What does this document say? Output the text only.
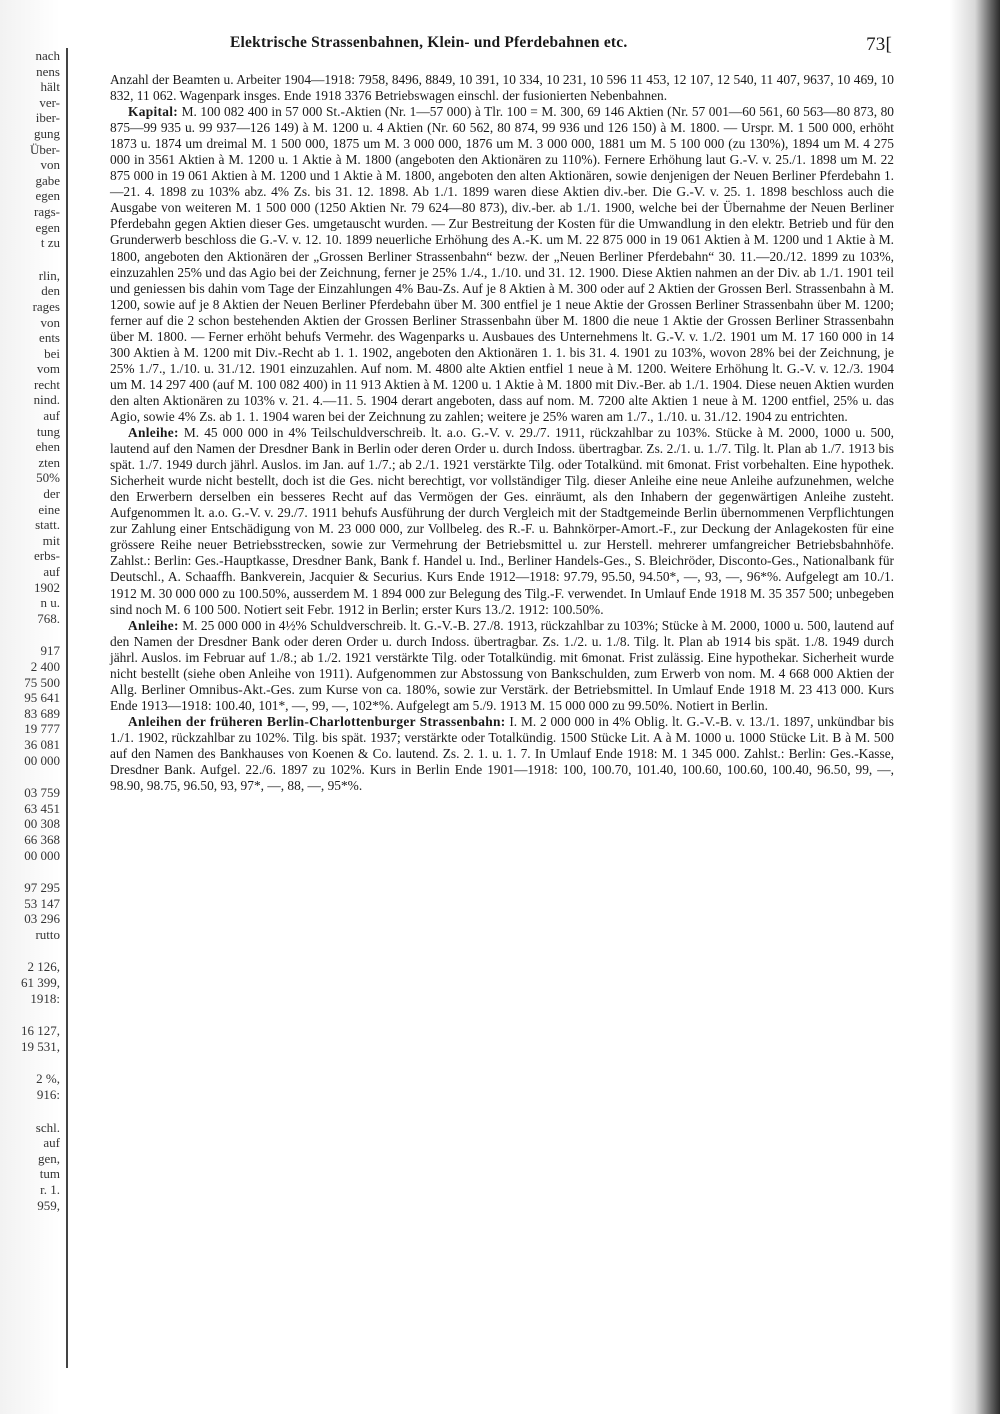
nach
nens
hält
ver-
iber-
gung
Über-
von
gabe
egen
rags-
egen
t zu
rlin,
den
rages
von
ents
bei
vom
recht
nind.
auf
tung
ehen
zten
50%
der
eine
statt.
mit
erbs-
auf
1902
n u.
768.
917
2 400
75 500
95 641
83 689
19 777
36 081
00 000
03 759
63 451
00 308
66 368
00 000
97 295
53 147
03 296
rutto
2 126,
61 399,
1918:
16 127,
19 531,
2 %,
916:
schl.
auf
gen,
tum
r. 1.
959,
Elektrische Strassenbahnen, Klein- und Pferdebahnen etc.	73[

Anzahl der Beamten u. Arbeiter 1904—1918: 7958, 8496, 8849, 10 391, 10 334, 10 231, 10 596 11 453, 12 107, 12 540, 11 407, 9637, 10 469, 10 832, 11 062. Wagenpark insges. Ende 1918 3376 Betriebswagen einschl. der fusionierten Nebenbahnen.

Kapital: M. 100 082 400 in 57 000 St.-Aktien (Nr. 1—57 000) à Tlr. 100 = M. 300, 69 146 Aktien (Nr. 57 001—60 561, 60 563—80 873, 80 875—99 935 u. 99 937—126 149) à M. 1200 u. 4 Aktien (Nr. 60 562, 80 874, 99 936 und 126 150) à M. 1800. — Urspr. M. 1 500 000, erhöht 1873 u. 1874 um dreimal M. 1 500 000, 1875 um M. 3 000 000, 1876 um M. 3 000 000, 1881 um M. 5 100 000 (zu 130%), 1894 um M. 4 275 000 in 3561 Aktien à M. 1200 u. 1 Aktie à M. 1800 (angeboten den Aktionären zu 110%). Fernere Erhöhung laut G.-V. v. 25./1. 1898 um M. 22 875 000 in 19 061 Aktien à M. 1200 und 1 Aktie à M. 1800, angeboten den alten Aktionären, sowie denjenigen der Neuen Berliner Pferdebahn 1.—21. 4. 1898 zu 103% abz. 4% Zs. bis 31. 12. 1898. Ab 1./1. 1899 waren diese Aktien div.-ber. Die G.-V. v. 25. 1. 1898 beschloss auch die Ausgabe von weiteren M. 1 500 000 (1250 Aktien Nr. 79 624—80 873), div.-ber. ab 1./1. 1900, welche bei der Übernahme der Neuen Berliner Pferdebahn gegen Aktien dieser Ges. umgetauscht wurden. — Zur Bestreitung der Kosten für die Umwandlung in den elektr. Betrieb und für den Grunderwerb beschloss die G.-V. v. 12. 10. 1899 neuerliche Erhöhung des A.-K. um M. 22 875 000 in 19 061 Aktien à M. 1200 und 1 Aktie à M. 1800, angeboten den Aktionären der „Grossen Berliner Strassenbahn“ bezw. der „Neuen Berliner Pferdebahn“ 30. 11.—20./12. 1899 zu 103%, einzuzahlen 25% und das Agio bei der Zeichnung, ferner je 25% 1./4., 1./10. und 31. 12. 1900. Diese Aktien nahmen an der Div. ab 1./1. 1901 teil und geniessen bis dahin vom Tage der Einzahlungen 4% Bau-Zs. Auf je 8 Aktien à M. 300 oder auf 2 Aktien der Grossen Berl. Strassenbahn à M. 1200, sowie auf je 8 Aktien der Neuen Berliner Pferdebahn über M. 300 entfiel je 1 neue Aktie der Grossen Berliner Strassenbahn über M. 1200; ferner auf die 2 schon bestehenden Aktien der Grossen Berliner Strassenbahn über M. 1800 die neue 1 Aktie der Grossen Berliner Strassenbahn über M. 1800. — Ferner erhöht behufs Vermehr. des Wagenparks u. Ausbaues des Unternehmens lt. G.-V. v. 1./2. 1901 um M. 17 160 000 in 14 300 Aktien à M. 1200 mit Div.-Recht ab 1. 1. 1902, angeboten den Aktionären 1. 1. bis 31. 4. 1901 zu 103%, wovon 28% bei der Zeichnung, je 25% 1./7., 1./10. u. 31./12. 1901 einzuzahlen. Auf nom. M. 4800 alte Aktien entfiel 1 neue à M. 1200. Weitere Erhöhung lt. G.-V. v. 12./3. 1904 um M. 14 297 400 (auf M. 100 082 400) in 11 913 Aktien à M. 1200 u. 1 Aktie à M. 1800 mit Div.-Ber. ab 1./1. 1904. Diese neuen Aktien wurden den alten Aktionären zu 103% v. 21. 4.—11. 5. 1904 derart angeboten, dass auf nom. M. 7200 alte Aktien 1 neue à M. 1200 entfiel, 25% u. das Agio, sowie 4% Zs. ab 1. 1. 1904 waren bei der Zeichnung zu zahlen; weitere je 25% waren am 1./7., 1./10. u. 31./12. 1904 zu entrichten.

Anleihe: M. 45 000 000 in 4% Teilschuldverschreib. lt. a.o. G.-V. v. 29./7. 1911, rückzahlbar zu 103%. Stücke à M. 2000, 1000 u. 500, lautend auf den Namen der Dresdner Bank in Berlin oder deren Order u. durch Indoss. übertragbar. Zs. 2./1. u. 1./7. Tilg. lt. Plan ab 1./7. 1913 bis spät. 1./7. 1949 durch jährl. Auslos. im Jan. auf 1./7.; ab 2./1. 1921 verstärkte Tilg. oder Totalkünd. mit 6monat. Frist vorbehalten. Eine hypothek. Sicherheit wurde nicht bestellt, doch ist die Ges. nicht berechtigt, vor vollständiger Tilg. dieser Anleihe eine neue Anleihe aufzunehmen, welche den Erwerbern derselben ein besseres Recht auf das Vermögen der Ges. einräumt, als den Inhabern der gegenwärtigen Anleihe zusteht. Aufgenommen lt. a.o. G.-V. v. 29./7. 1911 behufs Ausführung der durch Vergleich mit der Stadtgemeinde Berlin übernommenen Verpflichtungen zur Zahlung einer Entschädigung von M. 23 000 000, zur Vollbeleg. des R.-F. u. Bahnkörper-Amort.-F., zur Deckung der Anlagekosten für eine grössere Reihe neuer Betriebsstrecken, sowie zur Vermehrung der Betriebsmittel u. zur Herstell. mehrerer umfangreicher Betriebsbahnhöfe. Zahlst.: Berlin: Ges.-Hauptkasse, Dresdner Bank, Bank f. Handel u. Ind., Berliner Handels-Ges., S. Bleichröder, Disconto-Ges., Nationalbank für Deutschl., A. Schaaffh. Bankverein, Jacquier & Securius. Kurs Ende 1912—1918: 97.79, 95.50, 94.50*, —, 93, —, 96*%. Aufgelegt am 10./1. 1912 M. 30 000 000 zu 100.50%, ausserdem M. 1 894 000 zur Belegung des Tilg.-F. verwendet. In Umlauf Ende 1918 M. 35 357 500; unbegeben sind noch M. 6 100 500. Notiert seit Febr. 1912 in Berlin; erster Kurs 13./2. 1912: 100.50%.

Anleihe: M. 25 000 000 in 4½% Schuldverschreib. lt. G.-V.-B. 27./8. 1913, rückzahlbar zu 103%; Stücke à M. 2000, 1000 u. 500, lautend auf den Namen der Dresdner Bank oder deren Order u. durch Indoss. übertragbar. Zs. 1./2. u. 1./8. Tilg. lt. Plan ab 1914 bis spät. 1./8. 1949 durch jährl. Auslos. im Februar auf 1./8.; ab 1./2. 1921 verstärkte Tilg. oder Totalkündig. mit 6monat. Frist zulässig. Eine hypothekar. Sicherheit wurde nicht bestellt (siehe oben Anleihe von 1911). Aufgenommen zur Abstossung von Bankschulden, zum Erwerb von nom. M. 4 668 000 Aktien der Allg. Berliner Omnibus-Akt.-Ges. zum Kurse von ca. 180%, sowie zur Verstärk. der Betriebsmittel. In Umlauf Ende 1918 M. 23 413 000. Kurs Ende 1913—1918: 100.40, 101*, —, 99, —, 102*%. Aufgelegt am 5./9. 1913 M. 15 000 000 zu 99.50%. Notiert in Berlin.

Anleihen der früheren Berlin-Charlottenburger Strassenbahn: I. M. 2 000 000 in 4% Oblig. lt. G.-V.-B. v. 13./1. 1897, unkündbar bis 1./1. 1902, rückzahlbar zu 102%. Tilg. bis spät. 1937; verstärkte oder Totalkündig. 1500 Stücke Lit. A à M. 1000 u. 1000 Stücke Lit. B à M. 500 auf den Namen des Bankhauses von Koenen & Co. lautend. Zs. 2. 1. u. 1. 7. In Umlauf Ende 1918: M. 1 345 000. Zahlst.: Berlin: Ges.-Kasse, Dresdner Bank. Aufgel. 22./6. 1897 zu 102%. Kurs in Berlin Ende 1901—1918: 100, 100.70, 101.40, 100.60, 100.60, 100.40, 96.50, 99, —, 98.90, 98.75, 96.50, 93, 97*, —, 88, —, 95*%.
